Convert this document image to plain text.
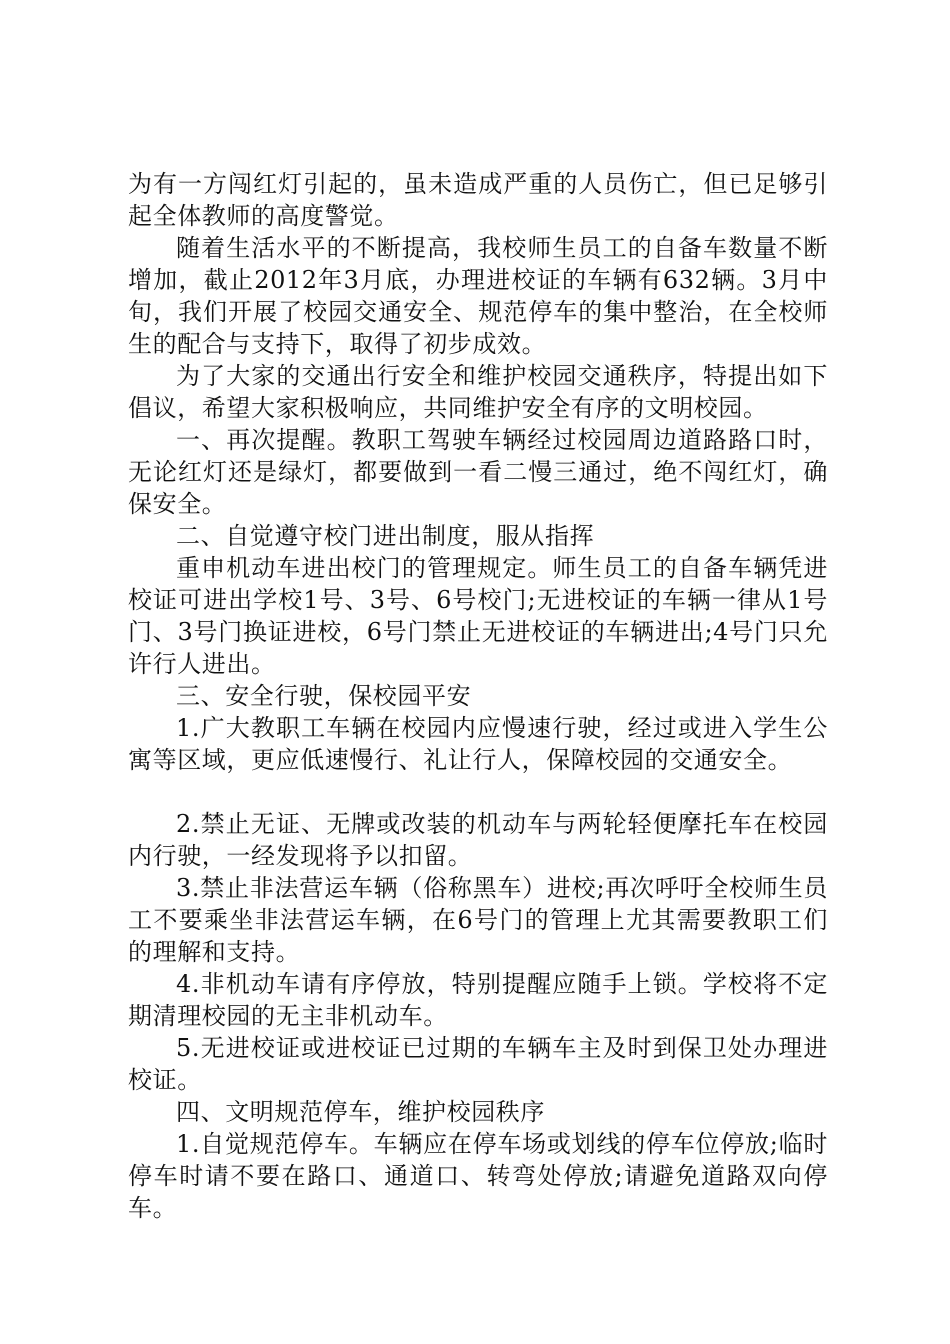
为有一方闯红灯引起的，虽未造成严重的人员伤亡，但已足够引起全体教师的高度警觉。

随着生活水平的不断提高，我校师生员工的自备车数量不断增加，截止2012年3月底，办理进校证的车辆有632辆。3月中旬，我们开展了校园交通安全、规范停车的集中整治，在全校师生的配合与支持下，取得了初步成效。

为了大家的交通出行安全和维护校园交通秩序，特提出如下倡议，希望大家积极响应，共同维护安全有序的文明校园。

一、再次提醒。教职工驾驶车辆经过校园周边道路路口时，无论红灯还是绿灯，都要做到一看二慢三通过，绝不闯红灯，确保安全。

二、自觉遵守校门进出制度，服从指挥

重申机动车进出校门的管理规定。师生员工的自备车辆凭进校证可进出学校1号、3号、6号校门;无进校证的车辆一律从1号门、3号门换证进校，6号门禁止无进校证的车辆进出;4号门只允许行人进出。

三、安全行驶，保校园平安

1.广大教职工车辆在校园内应慢速行驶，经过或进入学生公寓等区域，更应低速慢行、礼让行人，保障校园的交通安全。

2.禁止无证、无牌或改装的机动车与两轮轻便摩托车在校园内行驶，一经发现将予以扣留。

3.禁止非法营运车辆（俗称黑车）进校;再次呼吁全校师生员工不要乘坐非法营运车辆，在6号门的管理上尤其需要教职工们的理解和支持。

4.非机动车请有序停放，特别提醒应随手上锁。学校将不定期清理校园的无主非机动车。

5.无进校证或进校证已过期的车辆车主及时到保卫处办理进校证。

四、文明规范停车，维护校园秩序

1.自觉规范停车。车辆应在停车场或划线的停车位停放;临时停车时请不要在路口、通道口、转弯处停放;请避免道路双向停车。
